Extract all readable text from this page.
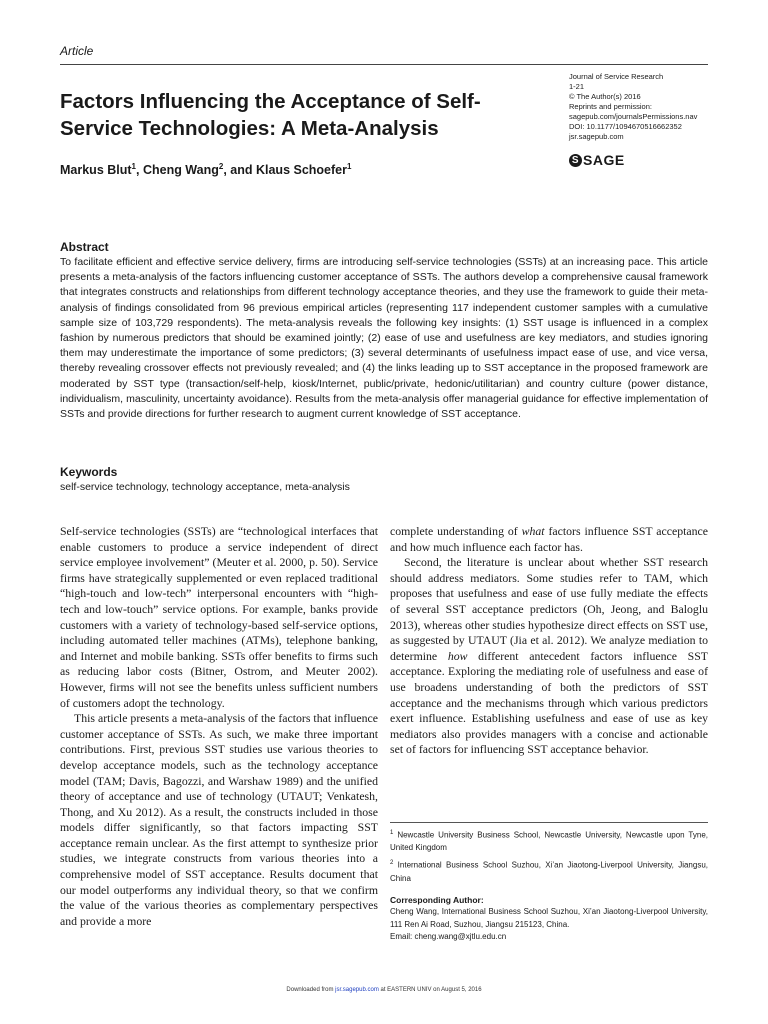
Article
Journal of Service Research
1-21
© The Author(s) 2016
Reprints and permission:
sagepub.com/journalsPermissions.nav
DOI: 10.1177/1094670516662352
jsr.sagepub.com
S SAGE
Factors Influencing the Acceptance of Self-Service Technologies: A Meta-Analysis
Markus Blut$^1$, Cheng Wang$^2$, and Klaus Schoefer$^1$

Abstract

To facilitate efficient and effective service delivery, firms are introducing self-service technologies (SSTs) at an increasing pace. This article presents a meta-analysis of the factors influencing customer acceptance of SSTs. The authors develop a comprehensive causal framework that integrates constructs and relationships from different technology acceptance theories, and they use the framework to guide their meta-analysis of findings consolidated from 96 previous empirical articles (representing 117 independent customer samples with a cumulative sample size of 103,729 respondents). The meta-analysis reveals the following key insights: (1) SST usage is influenced in a complex fashion by numerous predictors that should be examined jointly; (2) ease of use and usefulness are key mediators, and studies ignoring them may underestimate the importance of some predictors; (3) several determinants of usefulness impact ease of use, and vice versa, thereby revealing crossover effects not previously revealed; and (4) the links leading up to SST acceptance in the proposed framework are moderated by SST type (transaction/self-help, kiosk/Internet, public/private, hedonic/utilitarian) and country culture (power distance, individualism, masculinity, uncertainty avoidance). Results from the meta-analysis offer managerial guidance for effective implementation of SSTs and provide directions for further research to augment current knowledge of SST acceptance.

Keywords

self-service technology, technology acceptance, meta-analysis

Self-service technologies (SSTs) are “technological interfaces that enable customers to produce a service independent of direct service employee involvement” (Meuter et al. 2000, p. 50). Service firms have strategically supplemented or even replaced traditional “high-touch and low-tech” interpersonal encounters with “high-tech and low-touch” service options. For example, banks provide customers with a variety of technology-based self-service options, including automated teller machines (ATMs), telephone banking, and Internet and mobile banking. SSTs offer benefits to firms such as reducing labor costs (Bitner, Ostrom, and Meuter 2002). However, firms will not see the benefits unless sufficient numbers of customers adopt the technology.

This article presents a meta-analysis of the factors that influence customer acceptance of SSTs. As such, we make three important contributions. First, previous SST studies use various theories to develop acceptance models, such as the technology acceptance model (TAM; Davis, Bagozzi, and Warshaw 1989) and the unified theory of acceptance and use of technology (UTAUT; Venkatesh, Thong, and Xu 2012). As a result, the constructs included in those models differ significantly, so that factors impacting SST acceptance remain unclear. As the first attempt to synthesize prior studies, we integrate constructs from various theories into a comprehensive model of SST acceptance. Results document that our model outperforms any individual theory, so that we confirm the value of the various theories as complementary perspectives and provide a more

complete understanding of what factors influence SST acceptance and how much influence each factor has.

Second, the literature is unclear about whether SST research should address mediators. Some studies refer to TAM, which proposes that usefulness and ease of use fully mediate the effects of several SST acceptance predictors (Oh, Jeong, and Baloglu 2013), whereas other studies hypothesize direct effects on SST use, as suggested by UTAUT (Jia et al. 2012). We analyze mediation to determine how different antecedent factors influence SST acceptance. Exploring the mediating role of usefulness and ease of use broadens understanding of both the predictors of SST acceptance and the mechanisms through which various predictors exert influence. Establishing usefulness and ease of use as key mediators also provides managers with a concise and actionable set of factors for influencing SST acceptance behavior.

$^1$ Newcastle University Business School, Newcastle University, Newcastle upon Tyne, United Kingdom

$^2$ International Business School Suzhou, Xi’an Jiaotong-Liverpool University, Jiangsu, China

Corresponding Author:

Cheng Wang, International Business School Suzhou, Xi’an Jiaotong-Liverpool University, 111 Ren Ai Road, Suzhou, Jiangsu 215123, China.

Email: cheng.wang@xjtlu.edu.cn

Downloaded from jsr.sagepub.com at EASTERN UNIV on August 5, 2016
